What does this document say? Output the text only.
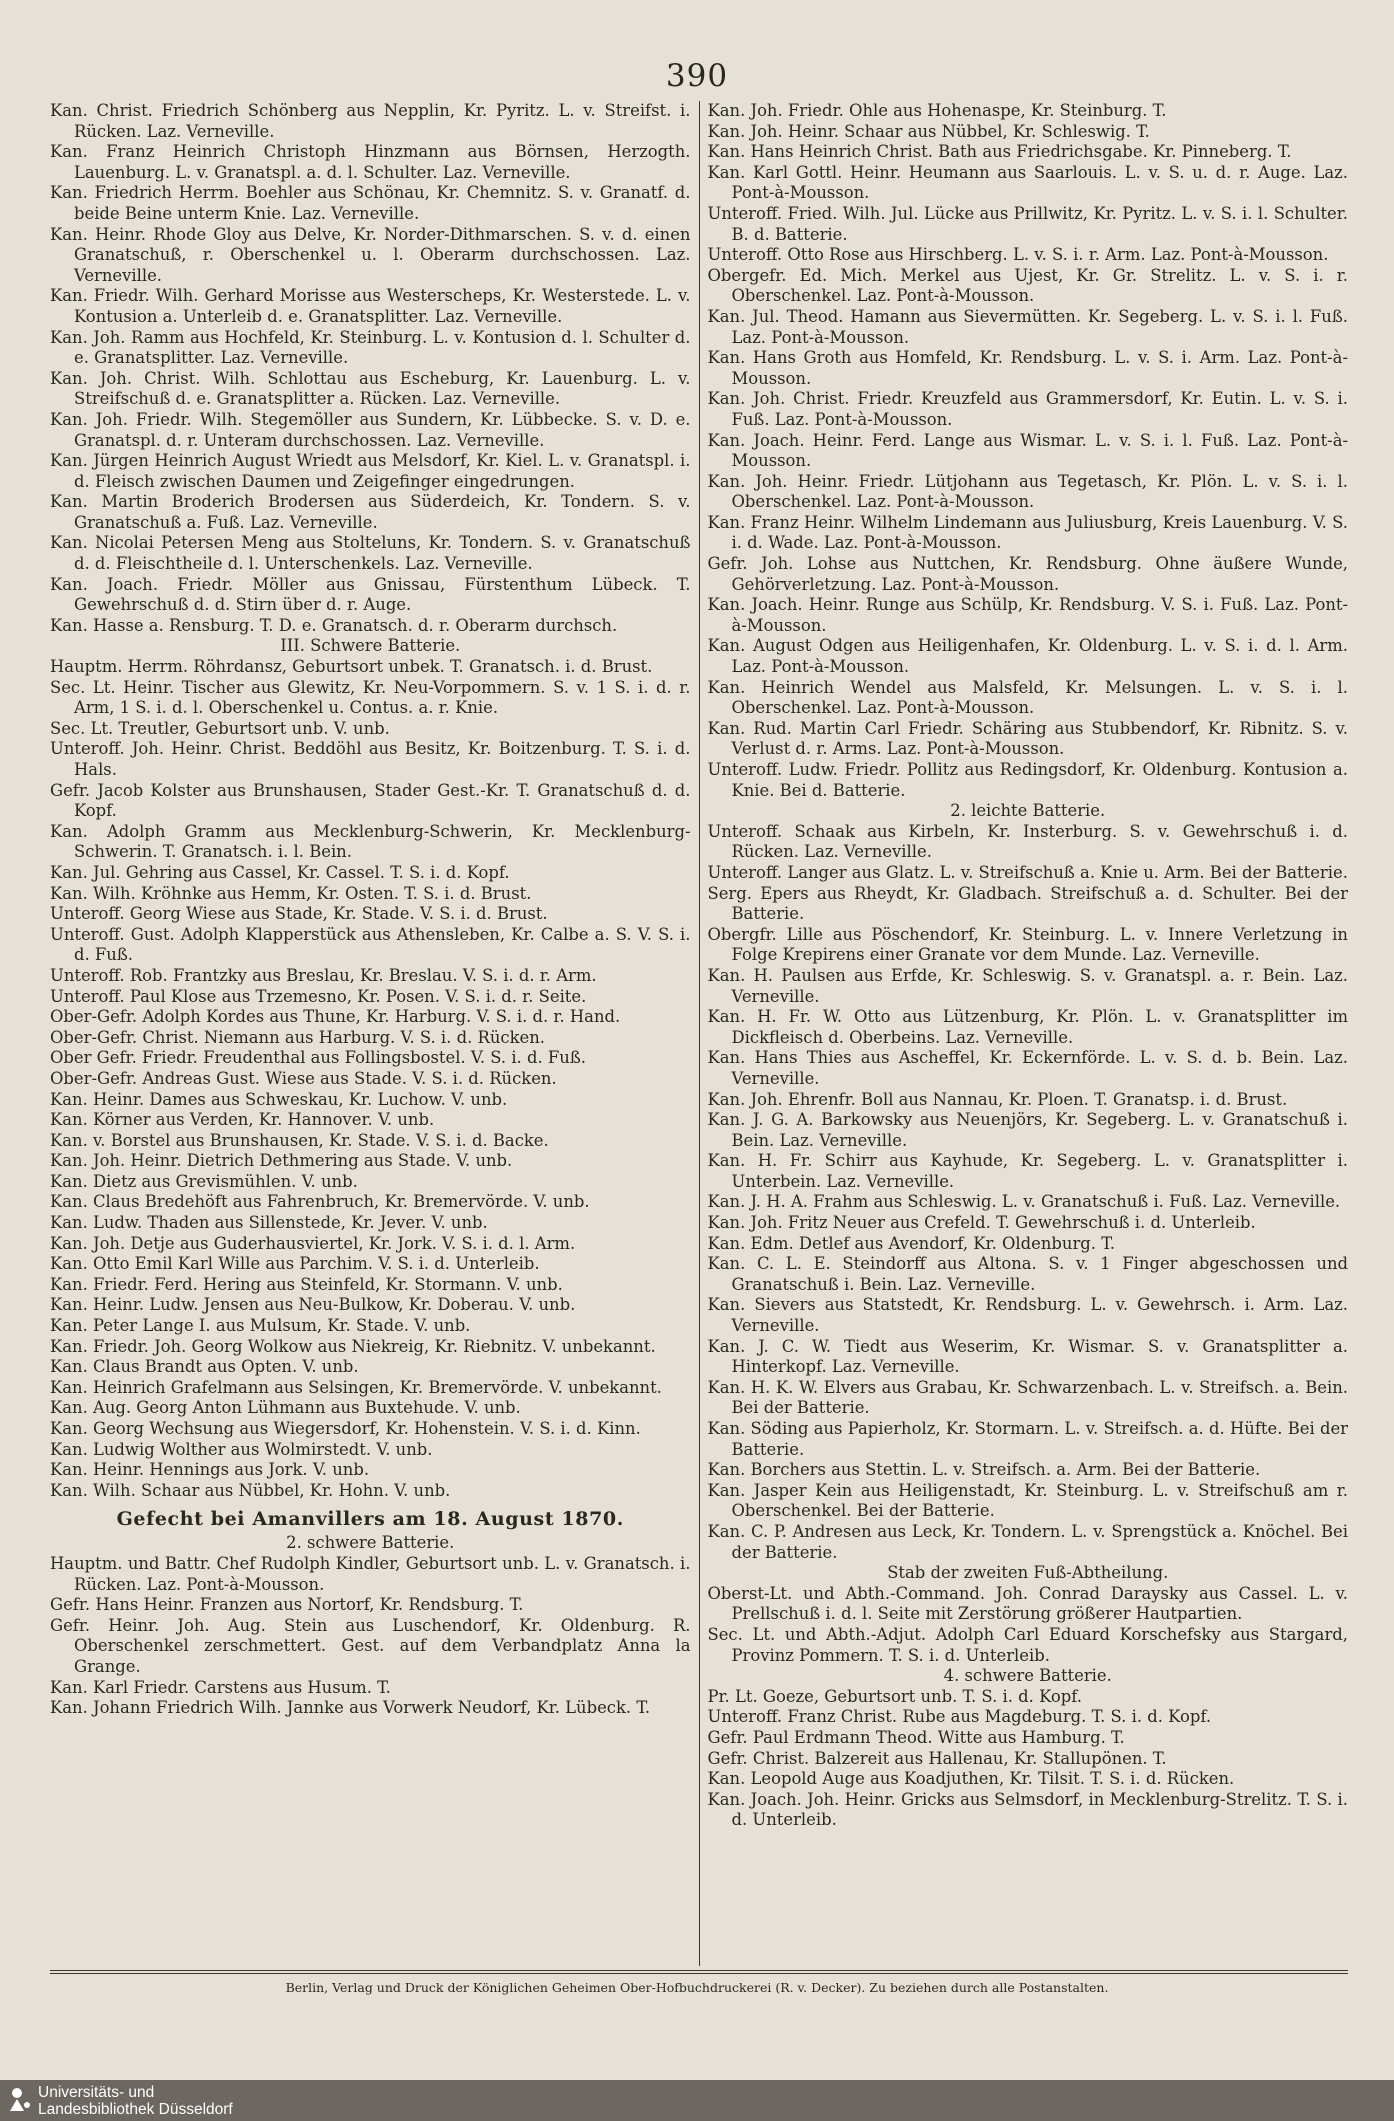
390
Kan. Christ. Friedrich Schönberg aus Nepplin, Kr. Pyritz. L. v. Streifst. i. Rücken. Laz. Verneville.
Kan. Franz Heinrich Christoph Hinzmann aus Börnsen, Herzogth. Lauenburg. L. v. Granatspl. a. d. l. Schulter. Laz. Verneville.
Kan. Friedrich Herrm. Boehler aus Schönau, Kr. Chemnitz. S. v. Granatf. d. beide Beine unterm Knie. Laz. Verneville.
Kan. Heinr. Rhode Gloy aus Delve, Kr. Norder-Dithmarschen. S. v. d. einen Granatschuß, r. Oberschenkel u. l. Oberarm durchschossen. Laz. Verneville.
Kan. Friedr. Wilh. Gerhard Morisse aus Westerscheps, Kr. Westerstede. L. v. Kontusion a. Unterleib d. e. Granatsplitter. Laz. Verneville.
Kan. Joh. Ramm aus Hochfeld, Kr. Steinburg. L. v. Kontusion d. l. Schulter d. e. Granatsplitter. Laz. Verneville.
Kan. Joh. Christ. Wilh. Schlottau aus Escheburg, Kr. Lauenburg. L. v. Streifschuß d. e. Granatsplitter a. Rücken. Laz. Verneville.
Kan. Joh. Friedr. Wilh. Stegemöller aus Sundern, Kr. Lübbecke. S. v. D. e. Granatspl. d. r. Unteram durchschossen. Laz. Verneville.
Kan. Jürgen Heinrich August Wriedt aus Melsdorf, Kr. Kiel. L. v. Granatspl. i. d. Fleisch zwischen Daumen und Zeigefinger eingedrungen.
Kan. Martin Broderich Brodersen aus Süderdeich, Kr. Tondern. S. v. Granatschuß a. Fuß. Laz. Verneville.
Kan. Nicolai Petersen Meng aus Stolteluns, Kr. Tondern. S. v. Granatschuß d. d. Fleischtheile d. l. Unterschenkels. Laz. Verneville.
Kan. Joach. Friedr. Möller aus Gnissau, Fürstenthum Lübeck. T. Gewehrschuß d. d. Stirn über d. r. Auge.
Kan. Hasse a. Rensburg. T. D. e. Granatsch. d. r. Oberarm durchsch.
III. Schwere Batterie.
Hauptm. Herrm. Röhrdansz, Geburtsort unbek. T. Granatsch. i. d. Brust.
Sec. Lt. Heinr. Tischer aus Glewitz, Kr. Neu-Vorpommern. S. v. 1 S. i. d. r. Arm, 1 S. i. d. l. Oberschenkel u. Contus. a. r. Knie.
Sec. Lt. Treutler, Geburtsort unb. V. unb.
Unteroff. Joh. Heinr. Christ. Beddöhl aus Besitz, Kr. Boitzenburg. T. S. i. d. Hals.
Gefr. Jacob Kolster aus Brunshausen, Stader Gest.-Kr. T. Granatschuß d. d. Kopf.
Kan. Adolph Gramm aus Mecklenburg-Schwerin, Kr. Mecklenburg-Schwerin. T. Granatsch. i. l. Bein.
Kan. Jul. Gehring aus Cassel, Kr. Cassel. T. S. i. d. Kopf.
Kan. Wilh. Kröhnke aus Hemm, Kr. Osten. T. S. i. d. Brust.
Unteroff. Georg Wiese aus Stade, Kr. Stade. V. S. i. d. Brust.
Unteroff. Gust. Adolph Klapperstück aus Athensleben, Kr. Calbe a. S. V. S. i. d. Fuß.
Unteroff. Rob. Frantzky aus Breslau, Kr. Breslau. V. S. i. d. r. Arm.
Unteroff. Paul Klose aus Trzemesno, Kr. Posen. V. S. i. d. r. Seite.
Ober-Gefr. Adolph Kordes aus Thune, Kr. Harburg. V. S. i. d. r. Hand.
Ober-Gefr. Christ. Niemann aus Harburg. V. S. i. d. Rücken.
Ober Gefr. Friedr. Freudenthal aus Follingsbostel. V. S. i. d. Fuß.
Ober-Gefr. Andreas Gust. Wiese aus Stade. V. S. i. d. Rücken.
Kan. Heinr. Dames aus Schweskau, Kr. Luchow. V. unb.
Kan. Körner aus Verden, Kr. Hannover. V. unb.
Kan. v. Borstel aus Brunshausen, Kr. Stade. V. S. i. d. Backe.
Kan. Joh. Heinr. Dietrich Dethmering aus Stade. V. unb.
Kan. Dietz aus Grevismühlen. V. unb.
Kan. Claus Bredehöft aus Fahrenbruch, Kr. Bremervörde. V. unb.
Kan. Ludw. Thaden aus Sillenstede, Kr. Jever. V. unb.
Kan. Joh. Detje aus Guderhausviertel, Kr. Jork. V. S. i. d. l. Arm.
Kan. Otto Emil Karl Wille aus Parchim. V. S. i. d. Unterleib.
Kan. Friedr. Ferd. Hering aus Steinfeld, Kr. Stormann. V. unb.
Kan. Heinr. Ludw. Jensen aus Neu-Bulkow, Kr. Doberau. V. unb.
Kan. Peter Lange I. aus Mulsum, Kr. Stade. V. unb.
Kan. Friedr. Joh. Georg Wolkow aus Niekreig, Kr. Riebnitz. V. unbekannt.
Kan. Claus Brandt aus Opten. V. unb.
Kan. Heinrich Grafelmann aus Selsingen, Kr. Bremervörde. V. unbekannt.
Kan. Aug. Georg Anton Lühmann aus Buxtehude. V. unb.
Kan. Georg Wechsung aus Wiegersdorf, Kr. Hohenstein. V. S. i. d. Kinn.
Kan. Ludwig Wolther aus Wolmirstedt. V. unb.
Kan. Heinr. Hennings aus Jork. V. unb.
Kan. Wilh. Schaar aus Nübbel, Kr. Hohn. V. unb.
Gefecht bei Amanvillers am 18. August 1870.
2. schwere Batterie.
Hauptm. und Battr. Chef Rudolph Kindler, Geburtsort unb. L. v. Granatsch. i. Rücken. Laz. Pont-à-Mousson.
Gefr. Hans Heinr. Franzen aus Nortorf, Kr. Rendsburg. T.
Gefr. Heinr. Joh. Aug. Stein aus Luschendorf, Kr. Oldenburg. R. Oberschenkel zerschmettert. Gest. auf dem Verbandplatz Anna la Grange.
Kan. Karl Friedr. Carstens aus Husum. T.
Kan. Johann Friedrich Wilh. Jannke aus Vorwerk Neudorf, Kr. Lübeck. T.
Kan. Joh. Friedr. Ohle aus Hohenaspe, Kr. Steinburg. T.
Kan. Joh. Heinr. Schaar aus Nübbel, Kr. Schleswig. T.
Kan. Hans Heinrich Christ. Bath aus Friedrichsgabe. Kr. Pinneberg. T.
Kan. Karl Gottl. Heinr. Heumann aus Saarlouis. L. v. S. u. d. r. Auge. Laz. Pont-à-Mousson.
Unteroff. Fried. Wilh. Jul. Lücke aus Prillwitz, Kr. Pyritz. L. v. S. i. l. Schulter. B. d. Batterie.
Unteroff. Otto Rose aus Hirschberg. L. v. S. i. r. Arm. Laz. Pont-à-Mousson.
Obergefr. Ed. Mich. Merkel aus Ujest, Kr. Gr. Strelitz. L. v. S. i. r. Oberschenkel. Laz. Pont-à-Mousson.
Kan. Jul. Theod. Hamann aus Sievermütten. Kr. Segeberg. L. v. S. i. l. Fuß. Laz. Pont-à-Mousson.
Kan. Hans Groth aus Homfeld, Kr. Rendsburg. L. v. S. i. Arm. Laz. Pont-à-Mousson.
Kan. Joh. Christ. Friedr. Kreuzfeld aus Grammersdorf, Kr. Eutin. L. v. S. i. Fuß. Laz. Pont-à-Mousson.
Kan. Joach. Heinr. Ferd. Lange aus Wismar. L. v. S. i. l. Fuß. Laz. Pont-à-Mousson.
Kan. Joh. Heinr. Friedr. Lütjohann aus Tegetasch, Kr. Plön. L. v. S. i. l. Oberschenkel. Laz. Pont-à-Mousson.
Kan. Franz Heinr. Wilhelm Lindemann aus Juliusburg, Kreis Lauenburg. V. S. i. d. Wade. Laz. Pont-à-Mousson.
Gefr. Joh. Lohse aus Nuttchen, Kr. Rendsburg. Ohne äußere Wunde, Gehörverletzung. Laz. Pont-à-Mousson.
Kan. Joach. Heinr. Runge aus Schülp, Kr. Rendsburg. V. S. i. Fuß. Laz. Pont-à-Mousson.
Kan. August Odgen aus Heiligenhafen, Kr. Oldenburg. L. v. S. i. d. l. Arm. Laz. Pont-à-Mousson.
Kan. Heinrich Wendel aus Malsfeld, Kr. Melsungen. L. v. S. i. l. Oberschenkel. Laz. Pont-à-Mousson.
Kan. Rud. Martin Carl Friedr. Schäring aus Stubbendorf, Kr. Ribnitz. S. v. Verlust d. r. Arms. Laz. Pont-à-Mousson.
Unteroff. Ludw. Friedr. Pollitz aus Redingsdorf, Kr. Oldenburg. Kontusion a. Knie. Bei d. Batterie.
2. leichte Batterie.
Unteroff. Schaak aus Kirbeln, Kr. Insterburg. S. v. Gewehrschuß i. d. Rücken. Laz. Verneville.
Unteroff. Langer aus Glatz. L. v. Streifschuß a. Knie u. Arm. Bei der Batterie.
Serg. Epers aus Rheydt, Kr. Gladbach. Streifschuß a. d. Schulter. Bei der Batterie.
Obergfr. Lille aus Pöschendorf, Kr. Steinburg. L. v. Innere Verletzung in Folge Krepirens einer Granate vor dem Munde. Laz. Verneville.
Kan. H. Paulsen aus Erfde, Kr. Schleswig. S. v. Granatspl. a. r. Bein. Laz. Verneville.
Kan. H. Fr. W. Otto aus Lützenburg, Kr. Plön. L. v. Granatsplitter im Dickfleisch d. Oberbeins. Laz. Verneville.
Kan. Hans Thies aus Ascheffel, Kr. Eckernförde. L. v. S. d. b. Bein. Laz. Verneville.
Kan. Joh. Ehrenfr. Boll aus Nannau, Kr. Ploen. T. Granatsp. i. d. Brust.
Kan. J. G. A. Barkowsky aus Neuenjörs, Kr. Segeberg. L. v. Granatschuß i. Bein. Laz. Verneville.
Kan. H. Fr. Schirr aus Kayhude, Kr. Segeberg. L. v. Granatsplitter i. Unterbein. Laz. Verneville.
Kan. J. H. A. Frahm aus Schleswig. L. v. Granatschuß i. Fuß. Laz. Verneville.
Kan. Joh. Fritz Neuer aus Crefeld. T. Gewehrschuß i. d. Unterleib.
Kan. Edm. Detlef aus Avendorf, Kr. Oldenburg. T.
Kan. C. L. E. Steindorff aus Altona. S. v. 1 Finger abgeschossen und Granatschuß i. Bein. Laz. Verneville.
Kan. Sievers aus Statstedt, Kr. Rendsburg. L. v. Gewehrsch. i. Arm. Laz. Verneville.
Kan. J. C. W. Tiedt aus Weserim, Kr. Wismar. S. v. Granatsplitter a. Hinterkopf. Laz. Verneville.
Kan. H. K. W. Elvers aus Grabau, Kr. Schwarzenbach. L. v. Streifsch. a. Bein. Bei der Batterie.
Kan. Söding aus Papierholz, Kr. Stormarn. L. v. Streifsch. a. d. Hüfte. Bei der Batterie.
Kan. Borchers aus Stettin. L. v. Streifsch. a. Arm. Bei der Batterie.
Kan. Jasper Kein aus Heiligenstadt, Kr. Steinburg. L. v. Streifschuß am r. Oberschenkel. Bei der Batterie.
Kan. C. P. Andresen aus Leck, Kr. Tondern. L. v. Sprengstück a. Knöchel. Bei der Batterie.
Stab der zweiten Fuß-Abtheilung.
Oberst-Lt. und Abth.-Command. Joh. Conrad Daraysky aus Cassel. L. v. Prellschuß i. d. l. Seite mit Zerstörung größerer Hautpartien.
Sec. Lt. und Abth.-Adjut. Adolph Carl Eduard Korschefsky aus Stargard, Provinz Pommern. T. S. i. d. Unterleib.
4. schwere Batterie.
Pr. Lt. Goeze, Geburtsort unb. T. S. i. d. Kopf.
Unteroff. Franz Christ. Rube aus Magdeburg. T. S. i. d. Kopf.
Gefr. Paul Erdmann Theod. Witte aus Hamburg. T.
Gefr. Christ. Balzereit aus Hallenau, Kr. Stallupönen. T.
Kan. Leopold Auge aus Koadjuthen, Kr. Tilsit. T. S. i. d. Rücken.
Kan. Joach. Joh. Heinr. Gricks aus Selmsdorf, in Mecklenburg-Strelitz. T. S. i. d. Unterleib.
Berlin, Verlag und Druck der Königlichen Geheimen Ober-Hofbuchdruckerei (R. v. Decker). Zu beziehen durch alle Postanstalten.
Universitäts- und
Landesbibliothek Düsseldorf
